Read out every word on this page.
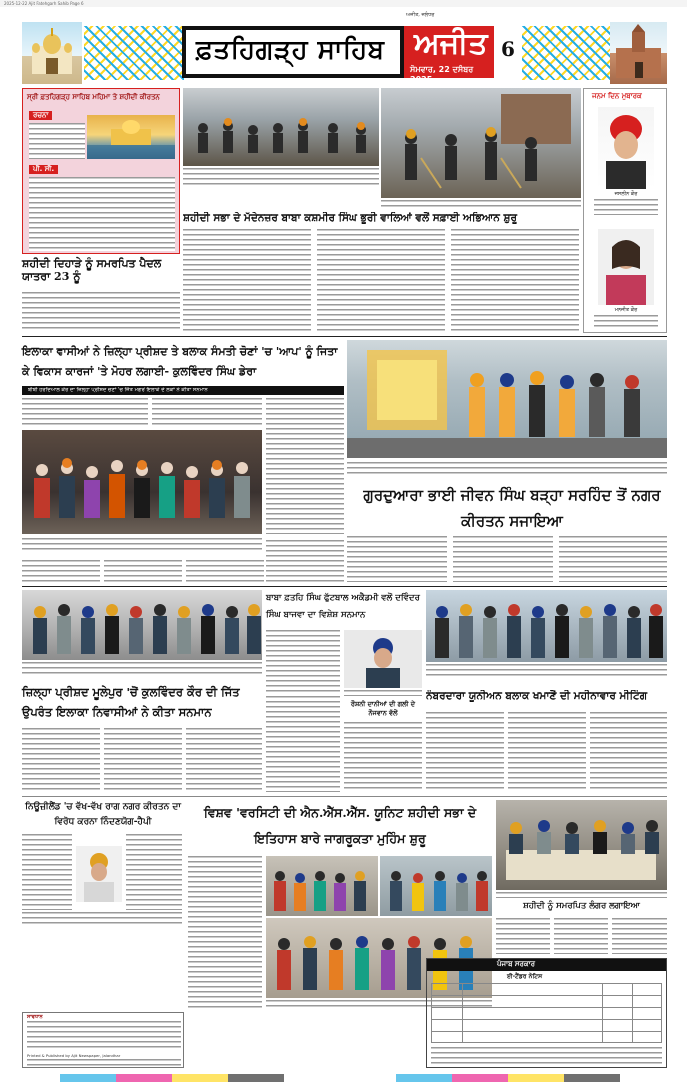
2025-12-22 Ajit Fatehgarh Sahib Page 6
ਫ਼ਤਹਿਗੜ੍ਹ ਸਾਹਿਬ ਅਜੀਤ
ਸੋਮਵਾਰ, 22 ਦਸੰਬਰ 2025
6
ਅਜੀਤ, ਜਲੰਧਰ
ਸ੍ਰੀ ਫ਼ਤਹਿਗੜ੍ਹ ਸਾਹਿਬ ਮਹਿਮਾ ਤੇ ਸ਼ਹੀਦੀ ਕੀਰਤਨ
ਰਚਨਾ
ਪੀ. ਸੀ.
ਜਨਮ ਦਿਨ ਮੁਬਾਰਕ
ਜਸਲੀਨ ਕੌਰ
ਮਨਜੀਤ ਕੌਰ
ਸ਼ਹੀਦੀ ਸਭਾ ਦੇ ਮੱਦੇਨਜ਼ਰ ਬਾਬਾ ਕਸ਼ਮੀਰ ਸਿੰਘ ਭੂਰੀ ਵਾਲਿਆਂ ਵਲੋਂ ਸਫ਼ਾਈ ਅਭਿਆਨ ਸ਼ੁਰੂ
ਸ਼ਹੀਦੀ ਦਿਹਾੜੇ ਨੂੰ ਸਮਰਪਿਤ ਪੈਦਲ ਯਾਤਰਾ 23 ਨੂੰ
ਇਲਾਕਾ ਵਾਸੀਆਂ ਨੇ ਜ਼ਿਲ੍ਹਾ ਪ੍ਰੀਸ਼ਦ ਤੇ ਬਲਾਕ ਸੰਮਤੀ ਚੋਣਾਂ 'ਚ 'ਆਪ' ਨੂੰ ਜਿਤਾ ਕੇ ਵਿਕਾਸ ਕਾਰਜਾਂ 'ਤੇ ਮੋਹਰ ਲਗਾਈ- ਕੁਲਵਿੰਦਰ ਸਿੰਘ ਡੇਰਾ
ਬੀਬੀ ਹਰਦਿਆਲ ਕੌਰ ਦਾ ਜ਼ਿਲ੍ਹਾ ਪ੍ਰੀਸ਼ਦ ਚੋਣਾਂ 'ਚ ਜਿੱਤ ਮਗਰੋਂ ਇਲਾਕੇ ਦੇ ਲੋਕਾਂ ਨੇ ਕੀਤਾ ਸਨਮਾਨ
ਗੁਰਦੁਆਰਾ ਭਾਈ ਜੀਵਨ ਸਿੰਘ ਬੜ੍ਹਾ ਸਰਹਿੰਦ ਤੋਂ ਨਗਰ ਕੀਰਤਨ ਸਜਾਇਆ
ਜ਼ਿਲ੍ਹਾ ਪ੍ਰੀਸ਼ਦ ਮੂਲੇਪੁਰ 'ਚੋਂ ਕੁਲਵਿੰਦਰ ਕੌਰ ਦੀ ਜਿੱਤ ਉਪਰੰਤ ਇਲਾਕਾ ਨਿਵਾਸੀਆਂ ਨੇ ਕੀਤਾ ਸਨਮਾਨ
ਬਾਬਾ ਫ਼ਤਹਿ ਸਿੰਘ ਫੁੱਟਬਾਲ ਅਕੈਡਮੀ ਵਲੋਂ ਦਵਿੰਦਰ ਸਿੰਘ ਬਾਜਵਾ ਦਾ ਵਿਸ਼ੇਸ਼ ਸਨਮਾਨ
ਰੌਸ਼ਨੀ ਦਾਨੀਆਂ ਦੀ ਗਲੀ ਦੇ ਨੌਜਵਾਨ ਵੱਲੋਂ
ਨੰਬਰਦਾਰਾ ਯੂਨੀਅਨ ਬਲਾਕ ਖਮਾਣੋਂ ਦੀ ਮਹੀਨਾਵਾਰ ਮੀਟਿੰਗ
ਨਿਊਜ਼ੀਲੈਂਡ 'ਚ ਵੱਖ-ਵੱਖ ਰਾਗ ਨਗਰ ਕੀਰਤਨ ਦਾ ਵਿਰੋਧ ਕਰਨਾ ਨਿੰਦਣਯੋਗ-ਹੈਪੀ
ਵਿਸ਼ਵ 'ਵਰਸਿਟੀ ਦੀ ਐਨ.ਐੱਸ.ਐੱਸ. ਯੂਨਿਟ ਸ਼ਹੀਦੀ ਸਭਾ ਦੇ ਇਤਿਹਾਸ ਬਾਰੇ ਜਾਗਰੂਕਤਾ ਮੁਹਿੰਮ ਸ਼ੁਰੂ
ਸ਼ਹੀਦੀ ਨੂੰ ਸਮਰਪਿਤ ਲੰਗਰ ਲਗਾਇਆ
ਸਾਵਧਾਨ
Printed & Published by Ajit Newspaper, Jalandhar
ਪੰਜਾਬ ਸਰਕਾਰ
ਈ-ਟੈਂਡਰ ਨੋਟਿਸ
